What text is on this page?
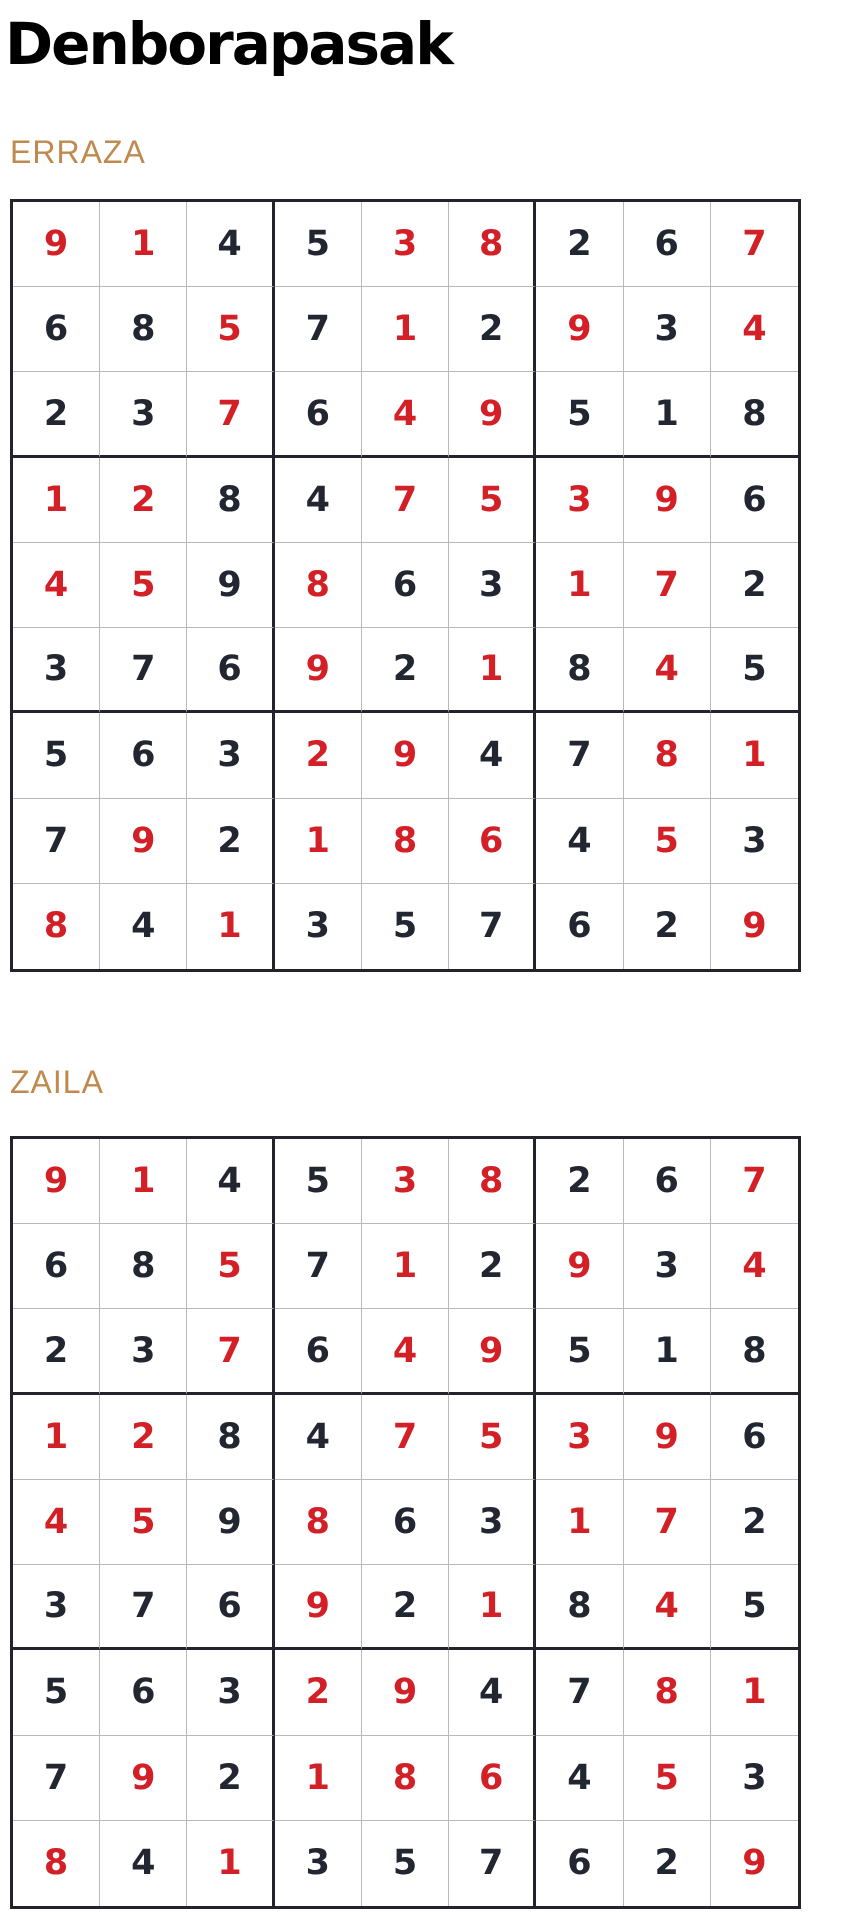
Denborapasak
ERRAZA
9	1	4	5	3	8	2	6	7
6	8	5	7	1	2	9	3	4
2	3	7	6	4	9	5	1	8
1	2	8	4	7	5	3	9	6
4	5	9	8	6	3	1	7	2
3	7	6	9	2	1	8	4	5
5	6	3	2	9	4	7	8	1
7	9	2	1	8	6	4	5	3
8	4	1	3	5	7	6	2	9
ZAILA
9	1	4	5	3	8	2	6	7
6	8	5	7	1	2	9	3	4
2	3	7	6	4	9	5	1	8
1	2	8	4	7	5	3	9	6
4	5	9	8	6	3	1	7	2
3	7	6	9	2	1	8	4	5
5	6	3	2	9	4	7	8	1
7	9	2	1	8	6	4	5	3
8	4	1	3	5	7	6	2	9
